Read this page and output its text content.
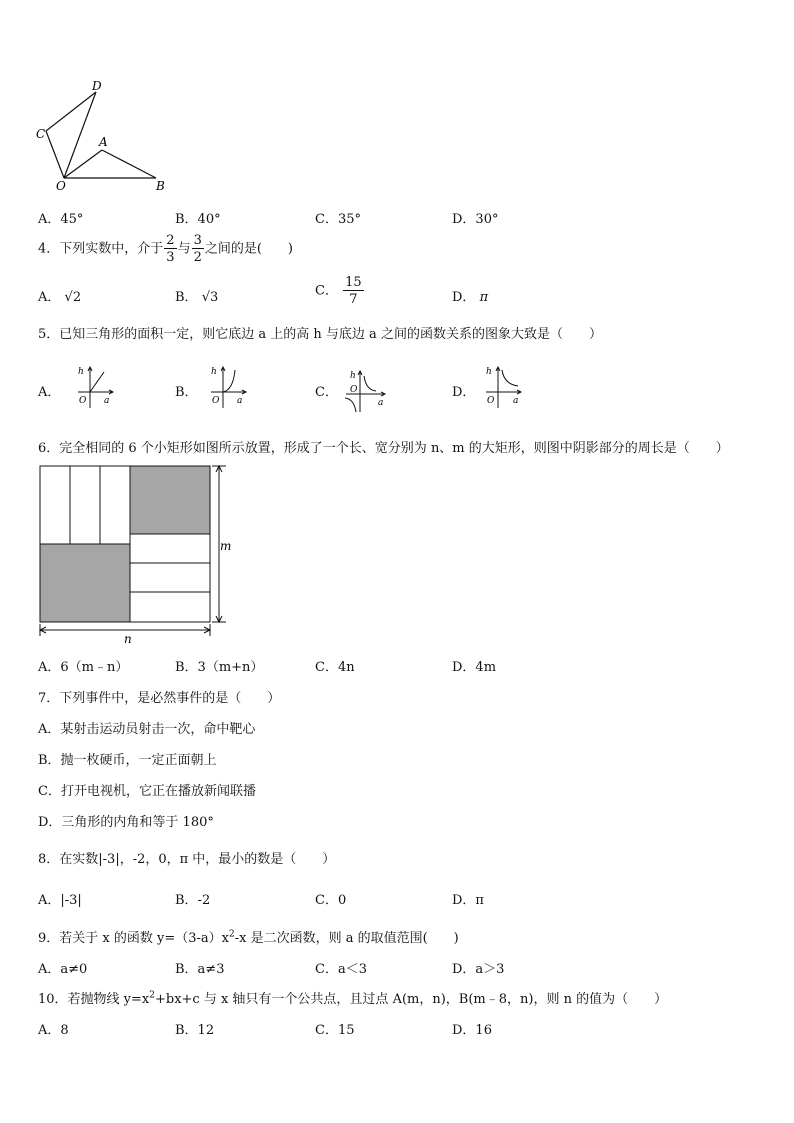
D
C
A
O	B
A．45°	B．40°	C．35°	D．30°
4．下列实数中，介于 $\frac{2}{3}$ 与 $\frac{3}{2}$ 之间的是(　　)
A． √2	B． √3	C． $\frac{15}{7}$	D． π
5．已知三角形的面积一定，则它底边 a 上的高 h 与底边 a 之间的函数关系的图象大致是（　　）
A．
h
O a
B．
h
O a
C．
h
O
a
D．
h
O a
6．完全相同的 6 个小矩形如图所示放置，形成了一个长、宽分别为 n、m 的大矩形，则图中阴影部分的周长是（　　）
m
n
A．6（m﹣n）	B．3（m+n）	C．4n	D．4m
7．下列事件中，是必然事件的是（　　）
A．某射击运动员射击一次，命中靶心
B．抛一枚硬币，一定正面朝上
C．打开电视机，它正在播放新闻联播
D．三角形的内角和等于 180°
8．在实数|-3|，-2，0，π 中，最小的数是（　　）
A．|-3|	B．-2	C．0	D．π
9．若关于 x 的函数 $y=(3-a)x^2-x$ 是二次函数，则 a 的取值范围(　　)
A．a≠0	B．a≠3	C．a＜3	D．a＞3
10．若抛物线 $y=x^2+bx+c$ 与 x 轴只有一个公共点，且过点 A(m，n)，B(m﹣8，n)，则 n 的值为（　　）
A．8	B．12	C．15	D．16
